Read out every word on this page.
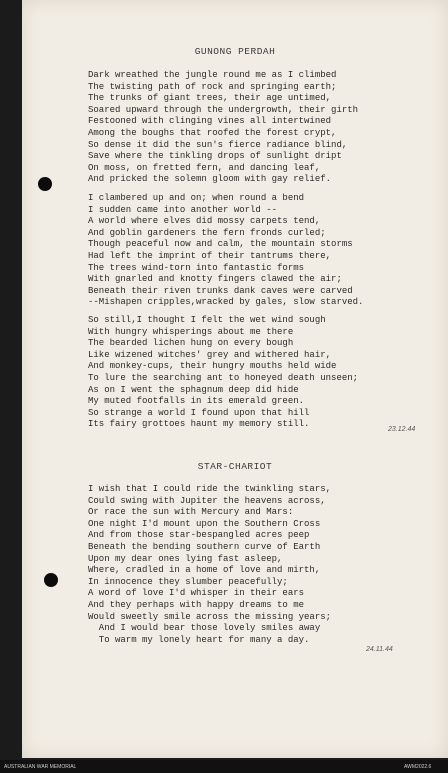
GUNONG PERDAH
Dark wreathed the jungle round me as I climbed
The twisting path of rock and springing earth;
The trunks of giant trees, their age untimed,
Soared upward through the undergrowth, their girth
Festooned with clinging vines all intertwined
Among the boughs that roofed the forest crypt,
So dense it did the sun's fierce radiance blind,
Save where the tinkling drops of sunlight dript
On moss, on fretted fern, and dancing leaf,
And pricked the solemn gloom with gay relief.
I clambered up and on; when round a bend
I sudden came into another world --
A world where elves did mossy carpets tend,
And goblin gardeners the fern fronds curled;
Though peaceful now and calm, the mountain storms
Had left the imprint of their tantrums there,
The trees wind-torn into fantastic forms
With gnarled and knotty fingers clawed the air;
Beneath their riven trunks dank caves were carved
--Mishapen cripples,wracked by gales, slow starved.
So still,I thought I felt the wet wind sough
With hungry whisperings about me there
The bearded lichen hung on every bough
Like wizened witches' grey and withered hair,
And monkey-cups, their hungry mouths held wide
To lure the searching ant to honeyed death unseen;
As on I went the sphagnum deep did hide
My muted footfalls in its emerald green.
So strange a world I found upon that hill
Its fairy grottoes haunt my memory still.
23.12.44
STAR-CHARIOT
I wish that I could ride the twinkling stars,
Could swing with Jupiter the heavens across,
Or race the sun with Mercury and Mars:
One night I'd mount upon the Southern Cross
And from those star-bespangled acres peep
Beneath the bending southern curve of Earth
Upon my dear ones lying fast asleep,
Where, cradled in a home of love and mirth,
In innocence they slumber peacefully;
A word of love I'd whisper in their ears
And they perhaps with happy dreams to me
Would sweetly smile across the missing years;
And I would bear those lovely smiles away
To warm my lonely heart for many a day.
24.11.44
AUSTRALIAN WAR MEMORIAL	AWM2022.6
